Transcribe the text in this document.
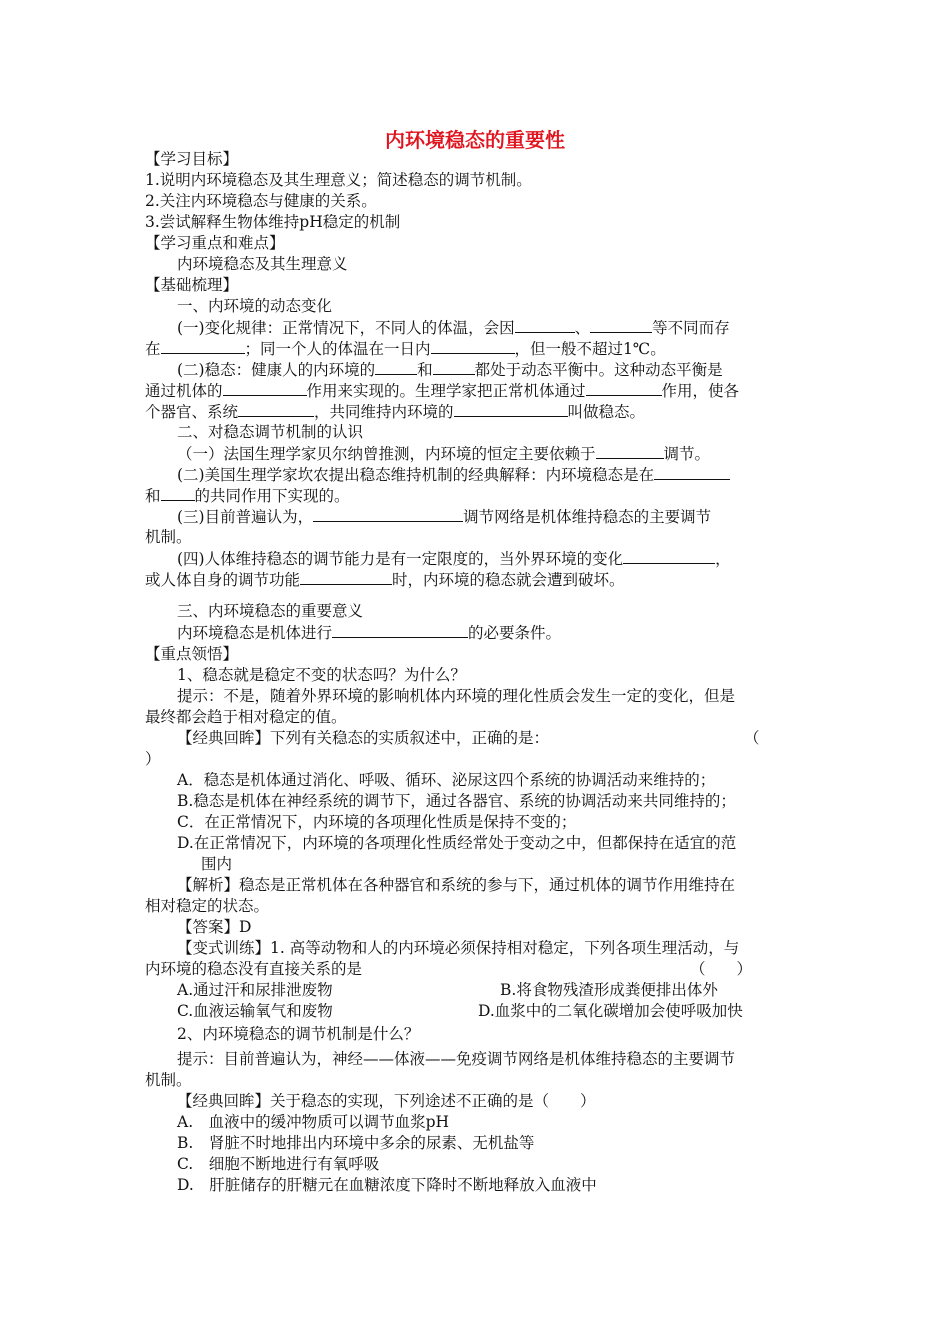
内环境稳态的重要性
【学习目标】
1.说明内环境稳态及其生理意义；简述稳态的调节机制。
2.关注内环境稳态与健康的关系。
3.尝试解释生物体维持pH稳定的机制
【学习重点和难点】
内环境稳态及其生理意义
【基础梳理】
一、内环境的动态变化
(一)变化规律：正常情况下，不同人的体温，会因	、	等不同而存
在	；同一个人的体温在一日内	，但一般不超过1℃。
(二)稳态：健康人的内环境的	和	都处于动态平衡中。这种动态平衡是
通过机体的	作用来实现的。生理学家把正常机体通过	作用，使各
个器官、系统	，共同维持内环境的	叫做稳态。
二、对稳态调节机制的认识
（一）法国生理学家贝尔纳曾推测，内环境的恒定主要依赖于	调节。
(二)美国生理学家坎农提出稳态维持机制的经典解释：内环境稳态是在
和 的共同作用下实现的。
(三)目前普遍认为，	调节网络是机体维持稳态的主要调节
机制。
(四)人体维持稳态的调节能力是有一定限度的，当外界环境的变化	，
或人体自身的调节功能	时，内环境的稳态就会遭到破坏。
三、内环境稳态的重要意义
内环境稳态是机体进行	的必要条件。
【重点领悟】
1、稳态就是稳定不变的状态吗？为什么？
提示：不是，随着外界环境的影响机体内环境的理化性质会发生一定的变化，但是
最终都会趋于相对稳定的值。
【经典回眸】下列有关稳态的实质叙述中，正确的是：	（
）
A．稳态是机体通过消化、呼吸、循环、泌尿这四个系统的协调活动来维持的；
B.稳态是机体在神经系统的调节下，通过各器官、系统的协调活动来共同维持的；
C．在正常情况下，内环境的各项理化性质是保持不变的；
D.在正常情况下，内环境的各项理化性质经常处于变动之中，但都保持在适宜的范
围内
【解析】稳态是正常机体在各种器官和系统的参与下，通过机体的调节作用维持在
相对稳定的状态。
【答案】D
【变式训练】1. 高等动物和人的内环境必须保持相对稳定，下列各项生理活动，与
内环境的稳态没有直接关系的是	（　　）
A.通过汗和尿排泄废物	B.将食物残渣形成粪便排出体外
C.血液运输氧气和废物	D.血浆中的二氧化碳增加会使呼吸加快
2、内环境稳态的调节机制是什么？
提示：目前普遍认为，神经——体液——免疫调节网络是机体维持稳态的主要调节
机制。
【经典回眸】关于稳态的实现，下列途述不正确的是（　　）
A.　血液中的缓冲物质可以调节血浆pH
B.　肾脏不时地排出内环境中多余的尿素、无机盐等
C.　细胞不断地进行有氧呼吸
D.　肝脏储存的肝糖元在血糖浓度下降时不断地释放入血液中
